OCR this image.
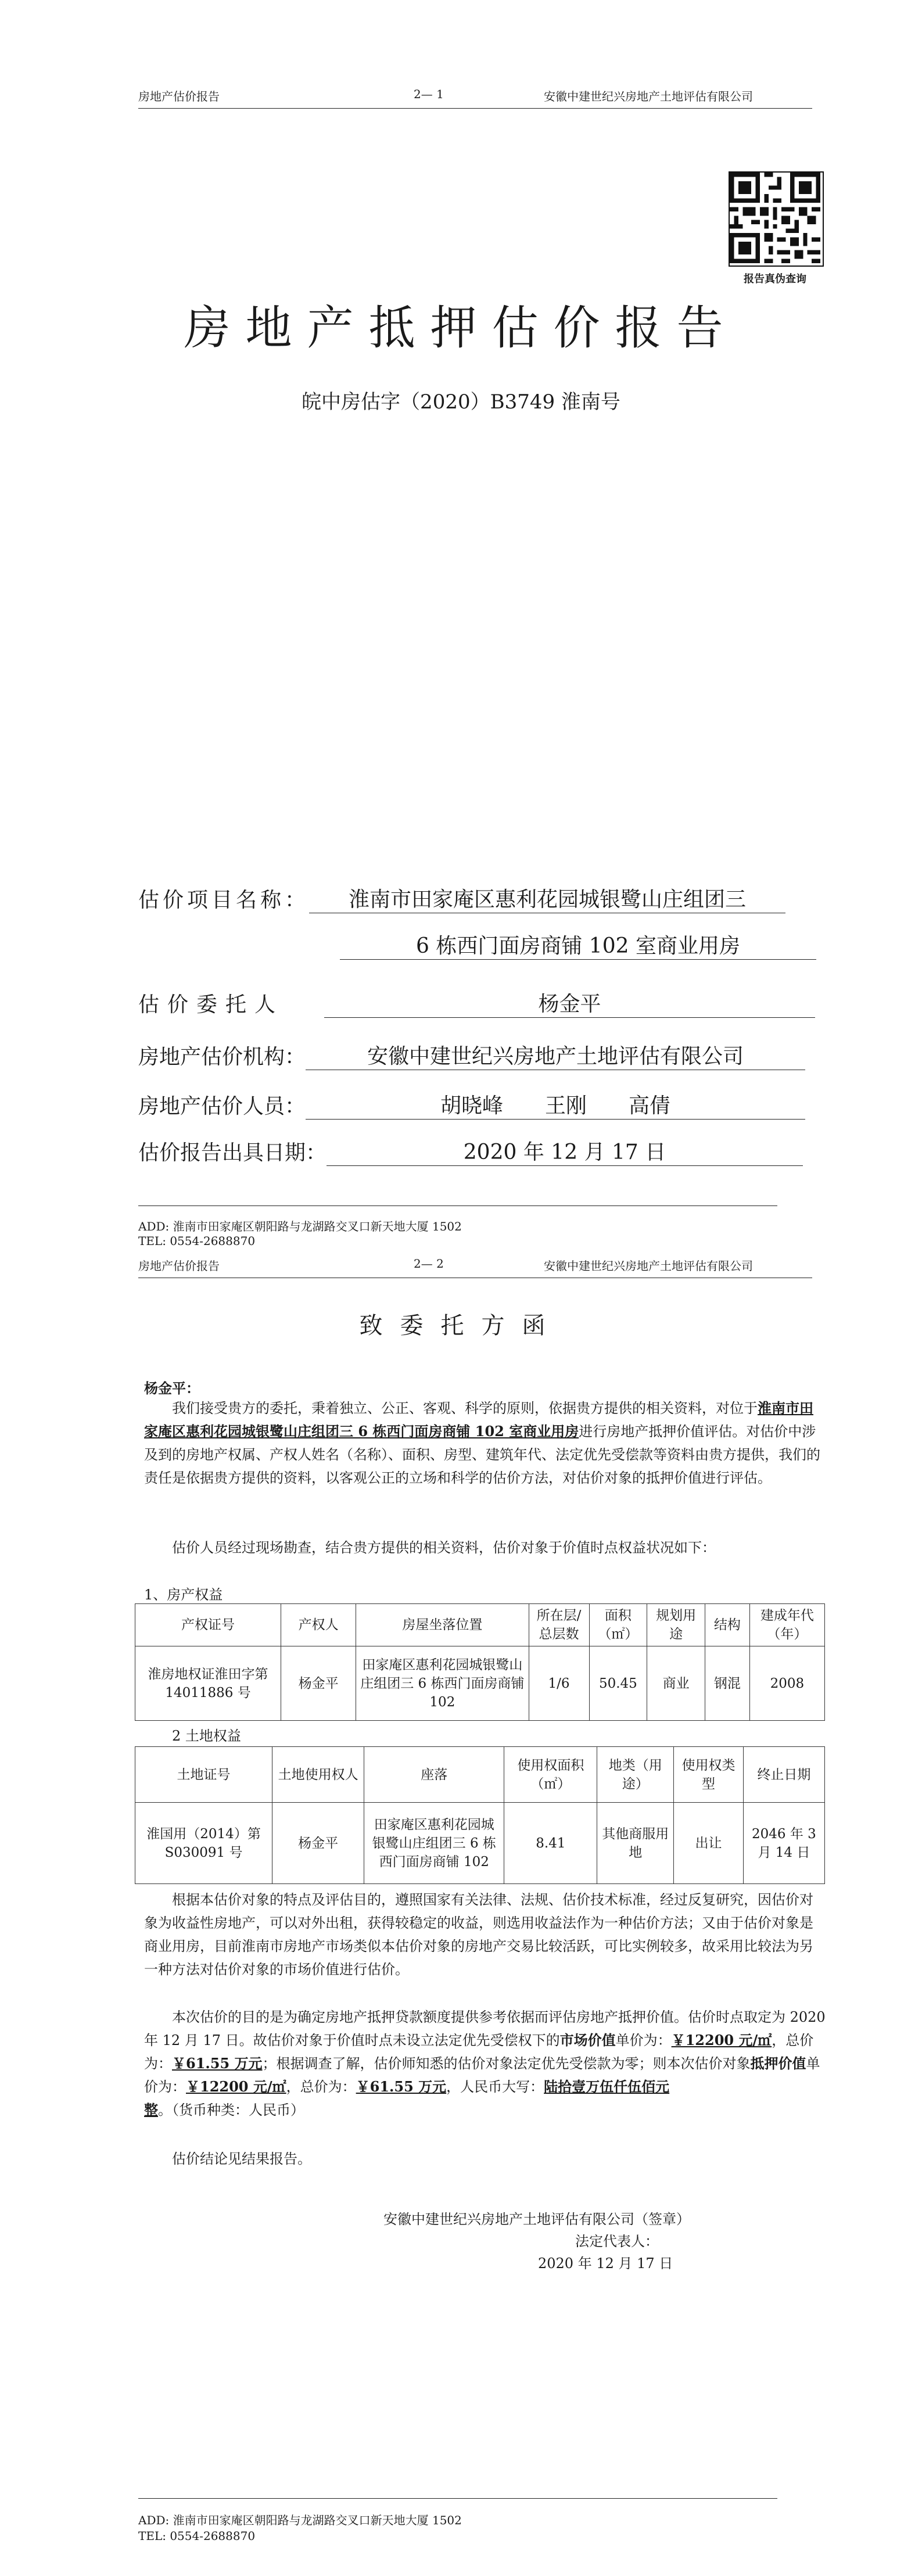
房地产估价报告	2— 1	安徽中建世纪兴房地产土地评估有限公司
报告真伪查询
房地产抵押估价报告
皖中房估字（2020）B3749 淮南号
估价项目名称：	淮南市田家庵区惠利花园城银鹭山庄组团三
6 栋西门面房商铺 102 室商业用房
估价委托人	杨金平
房地产估价机构：	安徽中建世纪兴房地产土地评估有限公司
房地产估价人员：	胡晓峰　　王刚　　高倩
估价报告出具日期：	2020 年 12 月 17 日
ADD: 淮南市田家庵区朝阳路与龙湖路交叉口新天地大厦 1502
TEL: 0554-2688870
房地产估价报告	2— 2	安徽中建世纪兴房地产土地评估有限公司
致委托方函
杨金平：
我们接受贵方的委托，秉着独立、公正、客观、科学的原则，依据贵方提供的相关资料，对位于淮南市田家庵区惠利花园城银鹭山庄组团三 6 栋西门面房商铺 102 室商业用房进行房地产抵押价值评估。对估价中涉及到的房地产权属、产权人姓名（名称）、面积、房型、建筑年代、法定优先受偿款等资料由贵方提供，我们的责任是依据贵方提供的资料，以客观公正的立场和科学的估价方法，对估价对象的抵押价值进行评估。
估价人员经过现场勘查，结合贵方提供的相关资料，估价对象于价值时点权益状况如下：
1、房产权益
产权证号	产权人	房屋坐落位置	所在层/总层数	面积（㎡）	规划用途	结构	建成年代（年）
淮房地权证淮田字第 14011886 号	杨金平	田家庵区惠利花园城银鹭山庄组团三 6 栋西门面房商铺 102	1/6	50.45	商业	钢混	2008
2 土地权益
土地证号	土地使用权人	座落	使用权面积（㎡）	地类（用途）	使用权类型	终止日期
淮国用（2014）第 S030091 号	杨金平	田家庵区惠利花园城银鹭山庄组团三 6 栋西门面房商铺 102	8.41	其他商服用地	出让	2046 年 3 月 14 日
根据本估价对象的特点及评估目的，遵照国家有关法律、法规、估价技术标准，经过反复研究，因估价对象为收益性房地产，可以对外出租，获得较稳定的收益，则选用收益法作为一种估价方法；又由于估价对象是商业用房，目前淮南市房地产市场类似本估价对象的房地产交易比较活跃，可比实例较多，故采用比较法为另一种方法对估价对象的市场价值进行估价。
本次估价的目的是为确定房地产抵押贷款额度提供参考依据而评估房地产抵押价值。估价时点取定为 2020 年 12 月 17 日。故估价对象于价值时点未设立法定优先受偿权下的市场价值单价为：￥12200 元/㎡，总价为：￥61.55 万元；根据调查了解，估价师知悉的估价对象法定优先受偿款为零；则本次估价对象抵押价值单价为：￥12200 元/㎡，总价为：￥61.55 万元，人民币大写：陆拾壹万伍仟伍佰元整。（货币种类：人民币）
估价结论见结果报告。
安徽中建世纪兴房地产土地评估有限公司（签章）
法定代表人：
2020 年 12 月 17 日
ADD: 淮南市田家庵区朝阳路与龙湖路交叉口新天地大厦 1502
TEL: 0554-2688870
